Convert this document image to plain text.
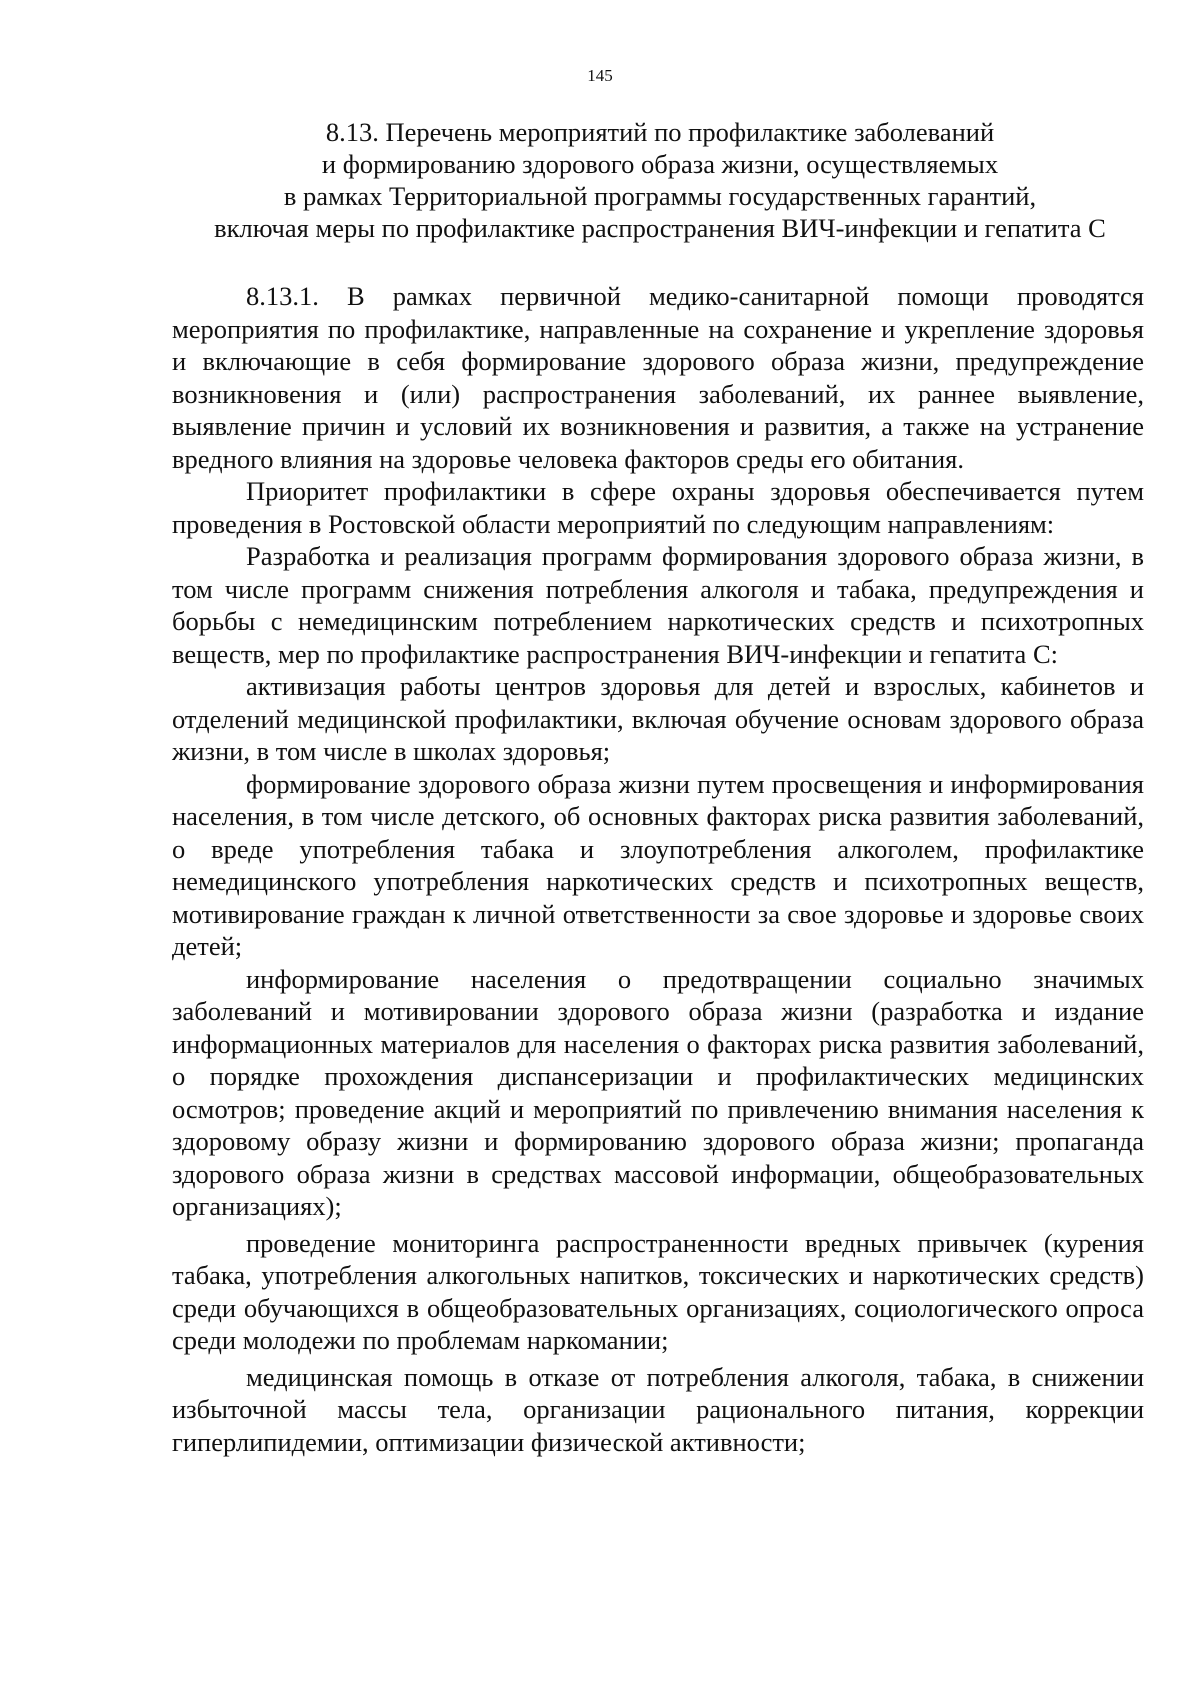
145
8.13. Перечень мероприятий по профилактике заболеваний
и формированию здорового образа жизни, осуществляемых
в рамках Территориальной программы государственных гарантий,
включая меры по профилактике распространения ВИЧ-инфекции и гепатита С

8.13.1. В рамках первичной медико-санитарной помощи проводятся мероприятия по профилактике, направленные на сохранение и укрепление здоровья и включающие в себя формирование здорового образа жизни, предупреждение возникновения и (или) распространения заболеваний, их раннее выявление, выявление причин и условий их возникновения и развития, а также на устранение вредного влияния на здоровье человека факторов среды его обитания.

Приоритет профилактики в сфере охраны здоровья обеспечивается путем проведения в Ростовской области мероприятий по следующим направлениям:

Разработка и реализация программ формирования здорового образа жизни, в том числе программ снижения потребления алкоголя и табака, предупреждения и борьбы с немедицинским потреблением наркотических средств и психотропных веществ, мер по профилактике распространения ВИЧ-инфекции и гепатита С:

активизация работы центров здоровья для детей и взрослых, кабинетов и отделений медицинской профилактики, включая обучение основам здорового образа жизни, в том числе в школах здоровья;

формирование здорового образа жизни путем просвещения и информирования населения, в том числе детского, об основных факторах риска развития заболеваний, о вреде употребления табака и злоупотребления алкоголем, профилактике немедицинского употребления наркотических средств и психотропных веществ, мотивирование граждан к личной ответственности за свое здоровье и здоровье своих детей;

информирование населения о предотвращении социально значимых заболеваний и мотивировании здорового образа жизни (разработка и издание информационных материалов для населения о факторах риска развития заболеваний, о порядке прохождения диспансеризации и профилактических медицинских осмотров; проведение акций и мероприятий по привлечению внимания населения к здоровому образу жизни и формированию здорового образа жизни; пропаганда здорового образа жизни в средствах массовой информации, общеобразовательных организациях);

проведение мониторинга распространенности вредных привычек (курения табака, употребления алкогольных напитков, токсических и наркотических средств) среди обучающихся в общеобразовательных организациях, социологического опроса среди молодежи по проблемам наркомании;

медицинская помощь в отказе от потребления алкоголя, табака, в снижении избыточной массы тела, организации рационального питания, коррекции гиперлипидемии, оптимизации физической активности;
